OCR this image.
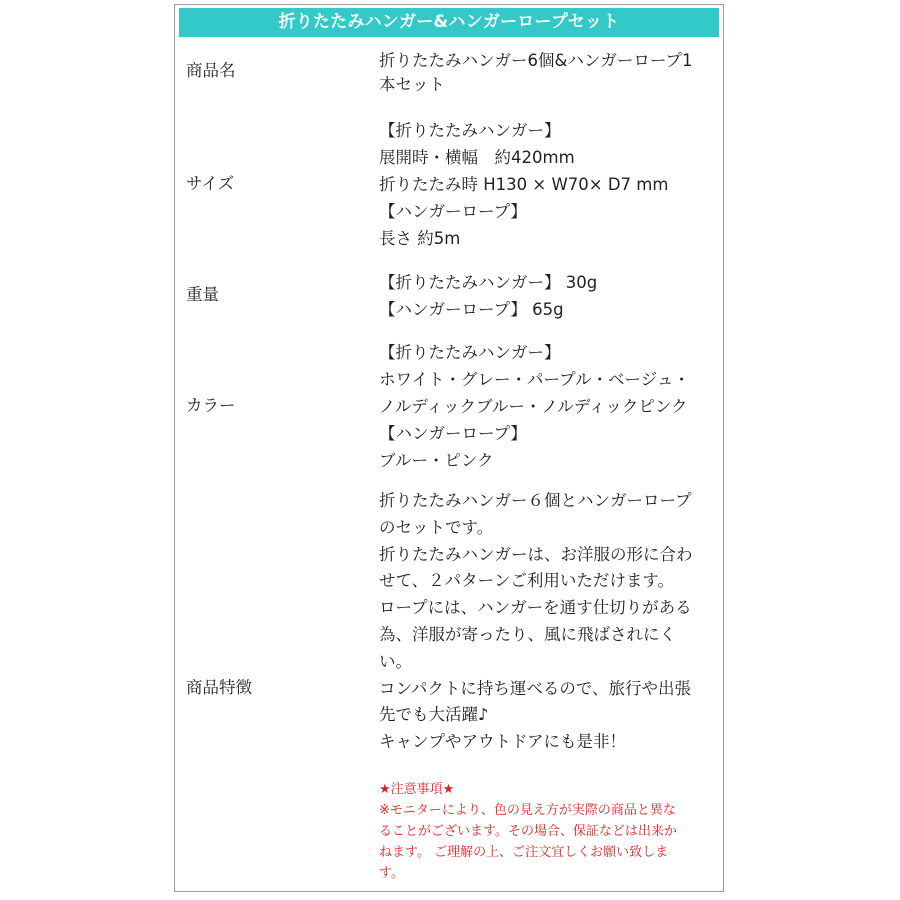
折りたたみハンガー&ハンガーロープセット
商品名
折りたたみハンガー6個&ハンガーロープ1
本セット
サイズ
【折りたたみハンガー】
展開時・横幅　約420mm
折りたたみ時 H130 × W70× D7 mm
【ハンガーロープ】
長さ 約5m
重量
【折りたたみハンガー】 30g
【ハンガーロープ】 65g
カラー
【折りたたみハンガー】
ホワイト・グレー・パープル・ベージュ・
ノルディックブルー・ノルディックピンク
【ハンガーロープ】
ブルー・ピンク
商品特徴
折りたたみハンガー６個とハンガーロープ
のセットです。
折りたたみハンガーは、お洋服の形に合わ
せて、２パターンご利用いただけます。
ロープには、ハンガーを通す仕切りがある
為、洋服が寄ったり、風に飛ばされにく
い。
コンパクトに持ち運べるので、旅行や出張
先でも大活躍♪
キャンプやアウトドアにも是非！
★注意事項★
※モニターにより、色の見え方が実際の商品と異な
ることがございます。その場合、保証などは出来か
ねます。 ご理解の上、ご注文宜しくお願い致しま
す。
